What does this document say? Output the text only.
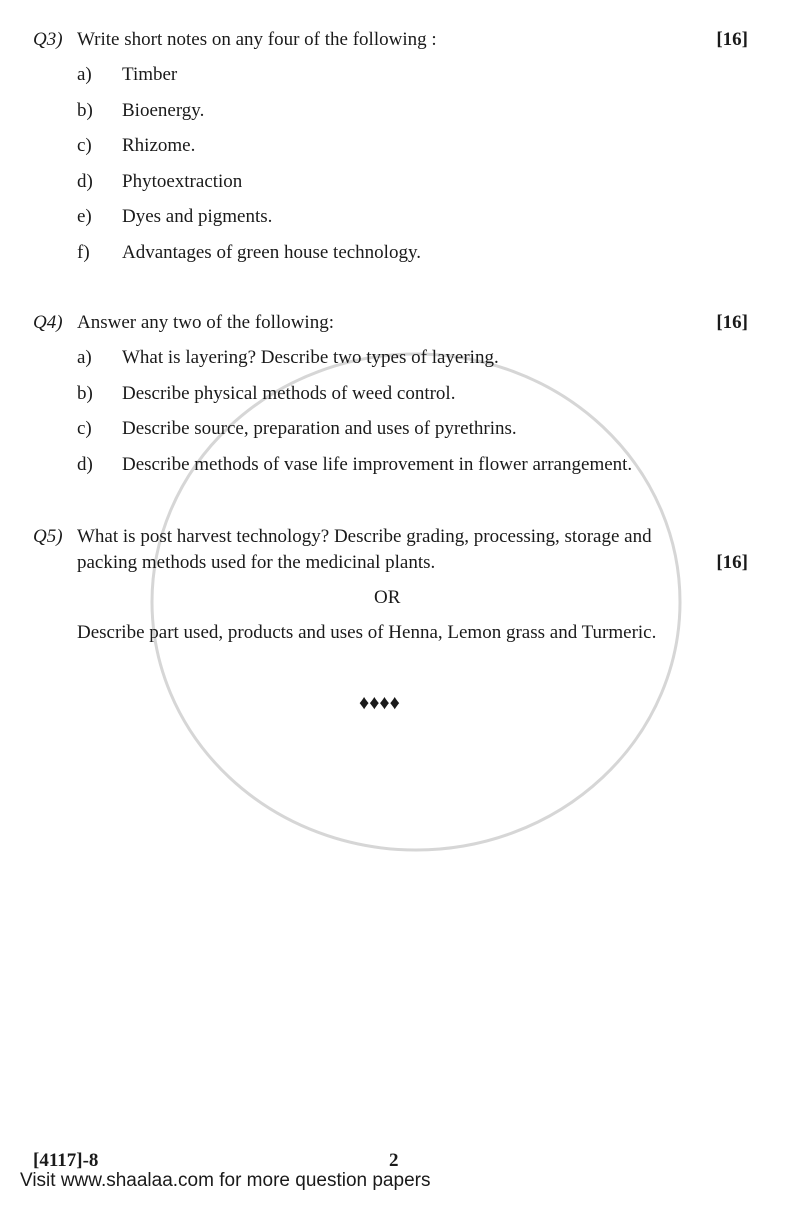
Q3) Write short notes on any four of the following :	[16]
a) Timber
b) Bioenergy.
c) Rhizome.
d) Phytoextraction
e) Dyes and pigments.
f) Advantages of green house technology.
Q4) Answer any two of the following:	[16]
a) What is layering? Describe two types of layering.
b) Describe physical methods of weed control.
c) Describe source, preparation and uses of pyrethrins.
d) Describe methods of vase life improvement in flower arrangement.
Q5) What is post harvest technology? Describe grading, processing, storage and
packing methods used for the medicinal plants.	[16]
OR
Describe part used, products and uses of Henna, Lemon grass and Turmeric.
♦♦♦♦
[4117]-8	2
Visit www.shaalaa.com for more question papers
